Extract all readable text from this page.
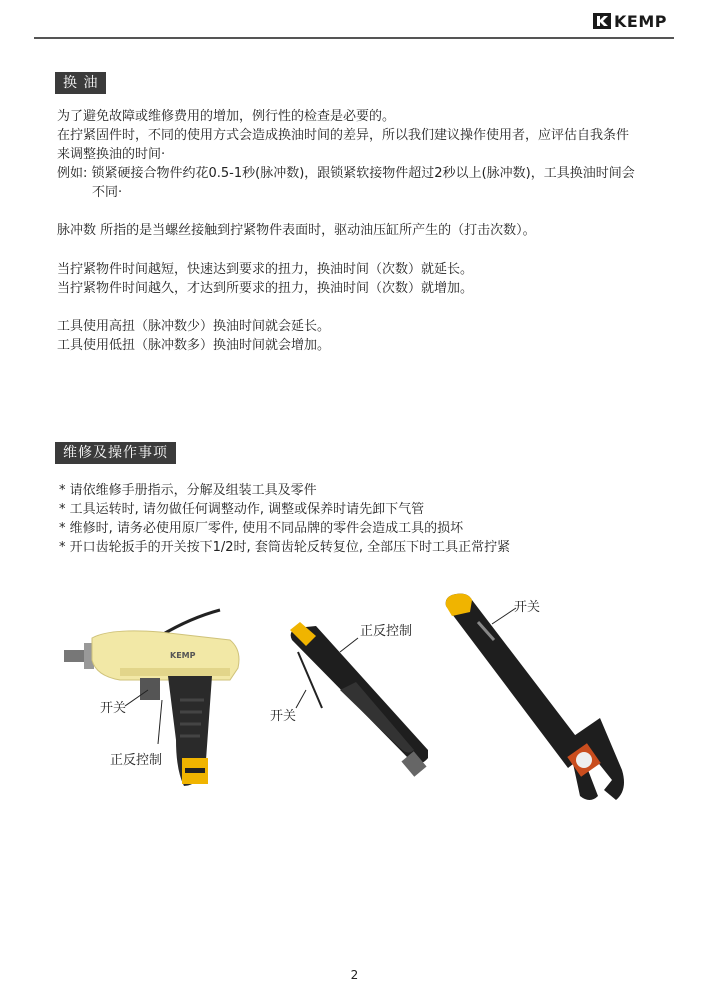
KEMP
换 油
为了避免故障或维修费用的增加，例行性的检查是必要的。
在拧紧固件时，不同的使用方式会造成换油时间的差异，所以我们建议操作使用者，应评估自我条件
来调整换油的时间·
例如: 锁紧硬接合物件约花0.5-1秒(脉冲数)，跟锁紧软接物件超过2秒以上(脉冲数)，工具换油时间会
不同·
脉冲数 所指的是当螺丝接触到拧紧物件表面时，驱动油压缸所产生的（打击次数）。
当拧紧物件时间越短，快速达到要求的扭力，换油时间（次数）就延长。
当拧紧物件时间越久，才达到所要求的扭力，换油时间（次数）就增加。
工具使用高扭（脉冲数少）换油时间就会延长。
工具使用低扭（脉冲数多）换油时间就会增加。
维修及操作事项
* 请依维修手册指示，分解及组装工具及零件
* 工具运转时, 请勿做任何调整动作, 调整或保养时请先卸下气管
* 维修时, 请务必使用原厂零件, 使用不同品牌的零件会造成工具的损坏
* 开口齿轮扳手的开关按下1/2时, 套筒齿轮反转复位, 全部压下时工具正常拧紧
KEMP
开关
正反控制
开关
正反控制
开关
2
